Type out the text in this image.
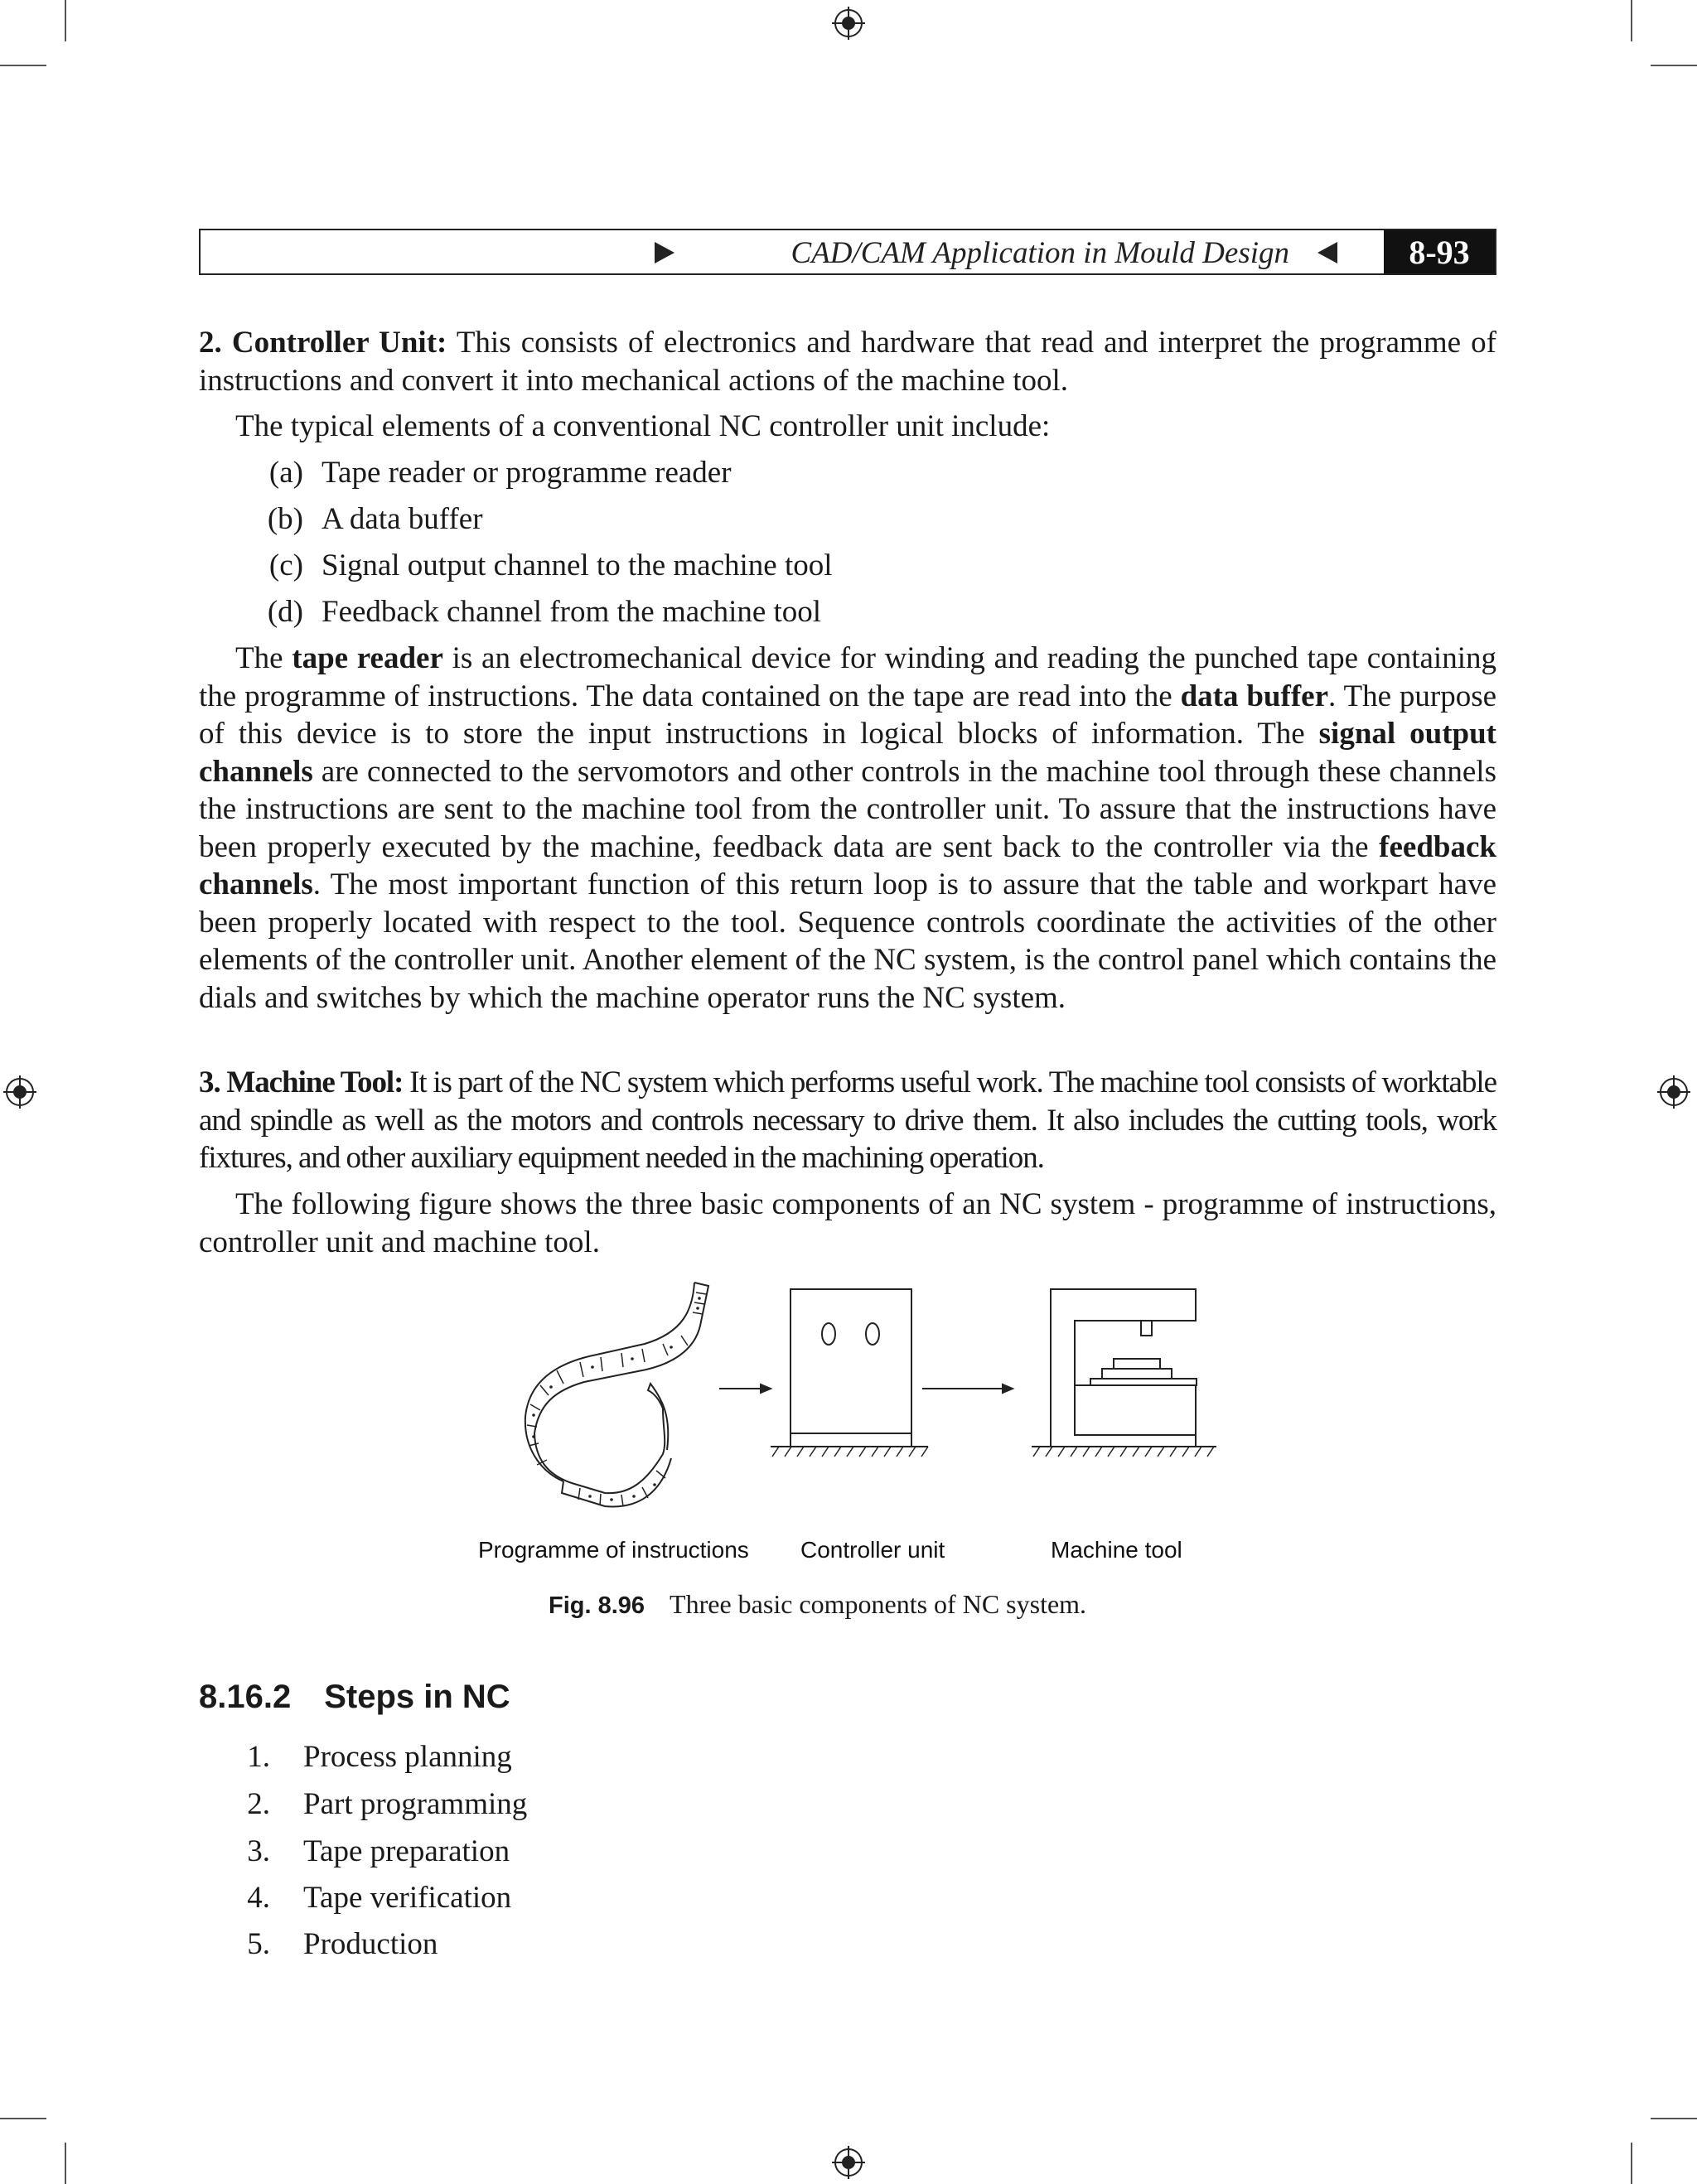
CAD/CAM Application in Mould Design	8-93
2. Controller Unit: This consists of electronics and hardware that read and interpret the programme of instructions and convert it into mechanical actions of the machine tool.
The typical elements of a conventional NC controller unit include:
(a) Tape reader or programme reader
(b) A data buffer
(c) Signal output channel to the machine tool
(d) Feedback channel from the machine tool
The tape reader is an electromechanical device for winding and reading the punched tape containing the programme of instructions. The data contained on the tape are read into the data buffer. The purpose of this device is to store the input instructions in logical blocks of information. The signal output channels are connected to the servomotors and other controls in the machine tool through these channels the instructions are sent to the machine tool from the controller unit. To assure that the instructions have been properly executed by the machine, feedback data are sent back to the controller via the feedback channels. The most important function of this return loop is to assure that the table and workpart have been properly located with respect to the tool. Sequence controls coordinate the activities of the other elements of the controller unit. Another element of the NC system, is the control panel which contains the dials and switches by which the machine operator runs the NC system.
3. Machine Tool: It is part of the NC system which performs useful work. The machine tool consists of worktable and spindle as well as the motors and controls necessary to drive them. It also includes the cutting tools, work fixtures, and other auxiliary equipment needed in the machining operation.
The following figure shows the three basic components of an NC system - programme of instructions, controller unit and machine tool.
Programme of instructions Controller unit	Machine tool
Fig. 8.96 Three basic components of NC system.
8.16.2 Steps in NC
1. Process planning
2. Part programming
3. Tape preparation
4. Tape verification
5. Production
